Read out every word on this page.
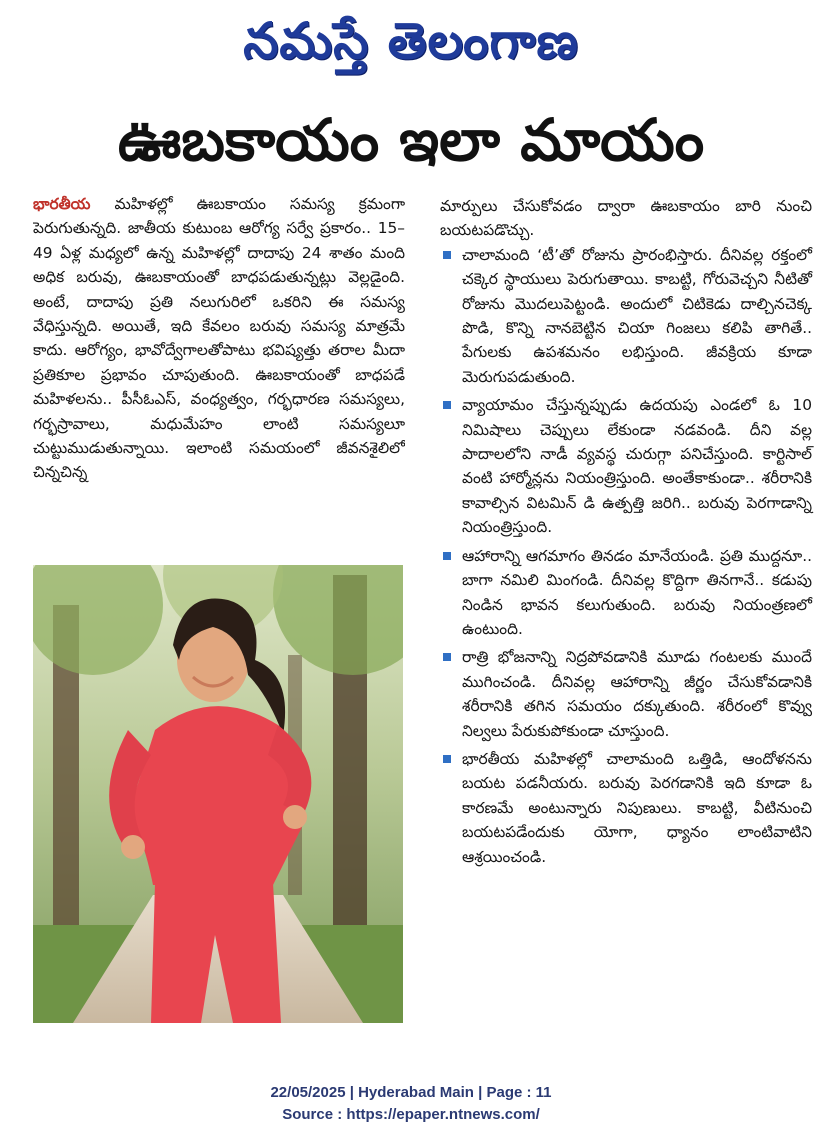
నమస్తే తెలంగాణ
ఊబకాయం ఇలా మాయం

భారతీయ మహిళల్లో ఊబకాయం సమస్య క్రమంగా పెరుగుతున్నది. జాతీయ కుటుంబ ఆరోగ్య సర్వే ప్రకారం.. 15–49 ఏళ్ల మధ్యలో ఉన్న మహిళల్లో దాదాపు 24 శాతం మంది అధిక బరువు, ఊబకాయంతో బాధపడుతున్నట్లు వెల్లడైంది. అంటే, దాదాపు ప్రతి నలుగురిలో ఒకరిని ఈ సమస్య వేధిస్తున్నది. అయితే, ఇది కేవలం బరువు సమస్య మాత్రమే కాదు. ఆరోగ్యం, భావోద్వేగాలతోపాటు భవిష్యత్తు తరాల మీదా ప్రతికూల ప్రభావం చూపుతుంది. ఊబకాయంతో బాధపడే మహిళలను.. పీసీఓఎస్, వంధ్యత్వం, గర్భధారణ సమస్యలు, గర్భస్రావాలు, మధుమేహం లాంటి సమస్యలూ చుట్టుముడుతున్నాయి. ఇలాంటి సమయంలో జీవనశైలిలో చిన్నచిన్న

మార్పులు చేసుకోవడం ద్వారా ఊబకాయం బారి నుంచి బయటపడొచ్చు.

చాలామంది ‘టీ’తో రోజును ప్రారంభిస్తారు. దీనివల్ల రక్తంలో చక్కెర స్థాయులు పెరుగుతాయి. కాబట్టి, గోరువెచ్చని నీటితో రోజును మొదలుపెట్టండి. అందులో చిటికెడు దాల్చినచెక్క పొడి, కొన్ని నానబెట్టిన చియా గింజలు కలిపి తాగితే.. పేగులకు ఉపశమనం లభిస్తుంది. జీవక్రియ కూడా మెరుగుపడుతుంది.
వ్యాయామం చేస్తున్నప్పుడు ఉదయపు ఎండలో ఓ 10 నిమిషాలు చెప్పులు లేకుండా నడవండి. దీని వల్ల పాదాలలోని నాడీ వ్యవస్థ చురుగ్గా పనిచేస్తుంది. కార్టిసాల్ వంటి హార్మోన్లను నియంత్రిస్తుంది. అంతేకాకుండా.. శరీరానికి కావాల్సిన విటమిన్ డి ఉత్పత్తి జరిగి.. బరువు పెరగాడాన్ని నియంత్రిస్తుంది.
ఆహారాన్ని ఆగమాగం తినడం మానేయండి. ప్రతి ముద్దనూ.. బాగా నమిలి మింగండి. దీనివల్ల కొద్దిగా తినగానే.. కడుపు నిండిన భావన కలుగుతుంది. బరువు నియంత్రణలో ఉంటుంది.
రాత్రి భోజనాన్ని నిద్రపోవడానికి మూడు గంటలకు ముందే ముగించండి. దీనివల్ల ఆహారాన్ని జీర్ణం చేసుకోవడానికి శరీరానికి తగిన సమయం దక్కుతుంది. శరీరంలో కొవ్వు నిల్వలు పేరుకుపోకుండా చూస్తుంది.
భారతీయ మహిళల్లో చాలామంది ఒత్తిడి, ఆందోళనను బయట పడనీయరు. బరువు పెరగడానికి ఇది కూడా ఓ కారణమే అంటున్నారు నిపుణులు. కాబట్టి, వీటినుంచి బయటపడేందుకు యోగా, ధ్యానం లాంటివాటిని ఆశ్రయించండి.
22/05/2025 | Hyderabad Main | Page : 11
Source : https://epaper.ntnews.com/
